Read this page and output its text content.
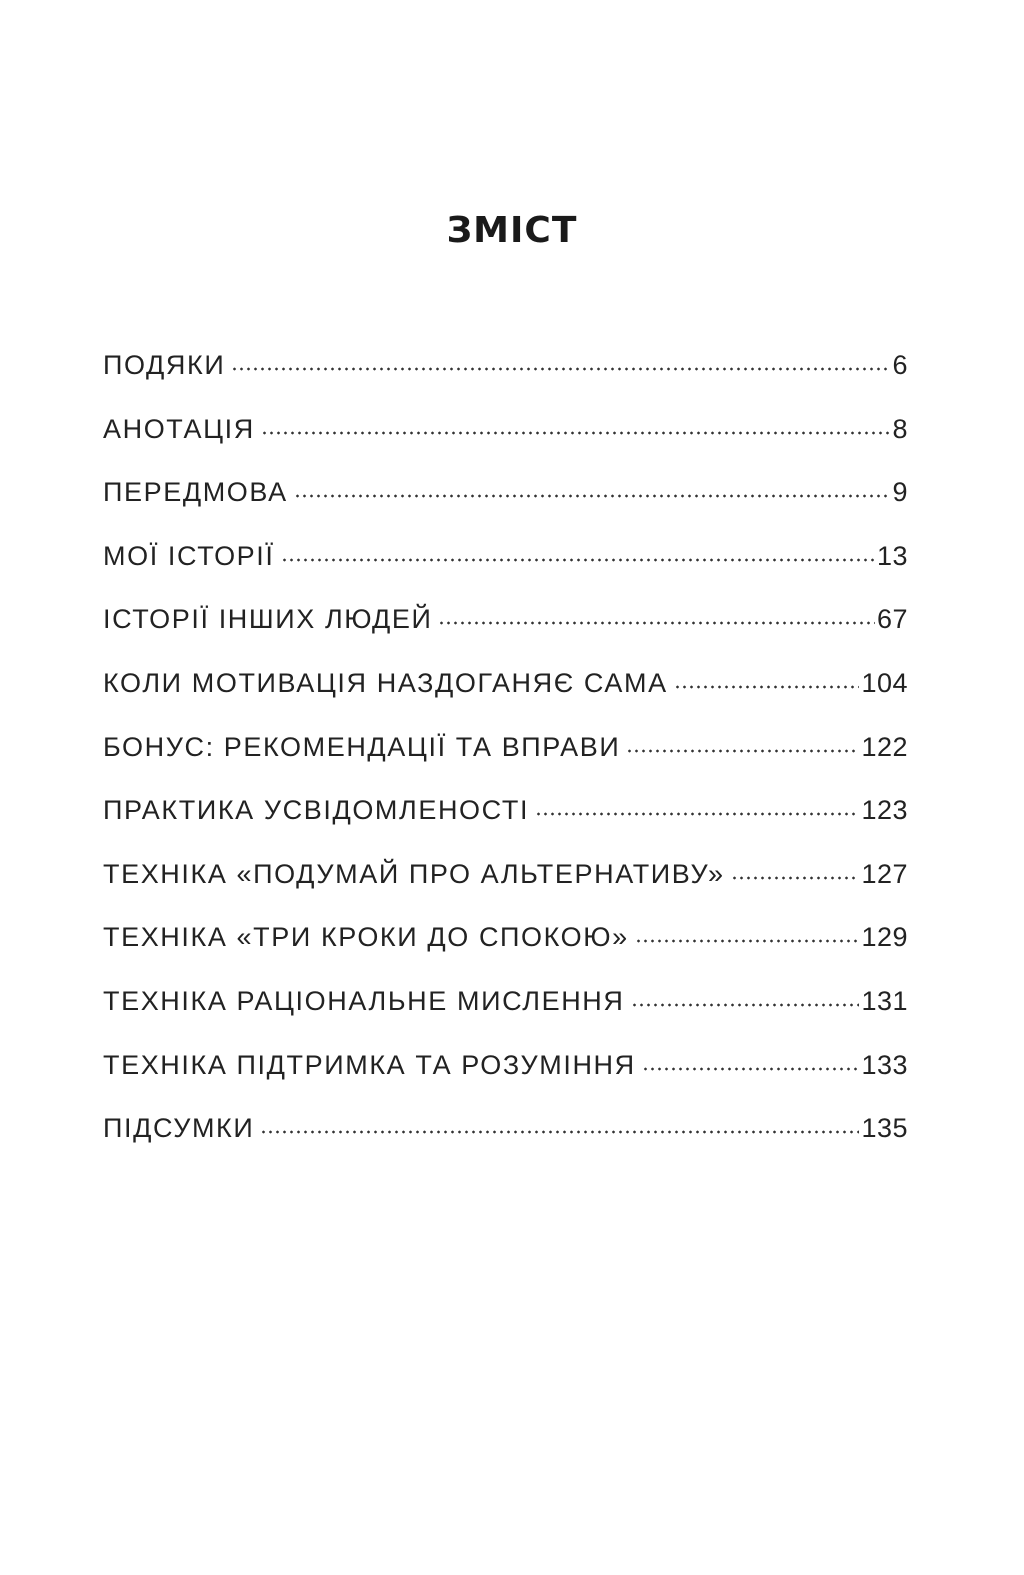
ЗМІСТ
ПОДЯКИ	6
АНОТАЦІЯ	8
ПЕРЕДМОВА	9
МОЇ ІСТОРІЇ	13
ІСТОРІЇ ІНШИХ ЛЮДЕЙ	67
КОЛИ МОТИВАЦІЯ НАЗДОГАНЯЄ САМА	104
БОНУС: РЕКОМЕНДАЦІЇ ТА ВПРАВИ	122
ПРАКТИКА УСВІДОМЛЕНОСТІ	123
ТЕХНІКА «ПОДУМАЙ ПРО АЛЬТЕРНАТИВУ»	127
ТЕХНІКА «ТРИ КРОКИ ДО СПОКОЮ»	129
ТЕХНІКА РАЦІОНАЛЬНЕ МИСЛЕННЯ	131
ТЕХНІКА ПІДТРИМКА ТА РОЗУМІННЯ	133
ПІДСУМКИ	135
